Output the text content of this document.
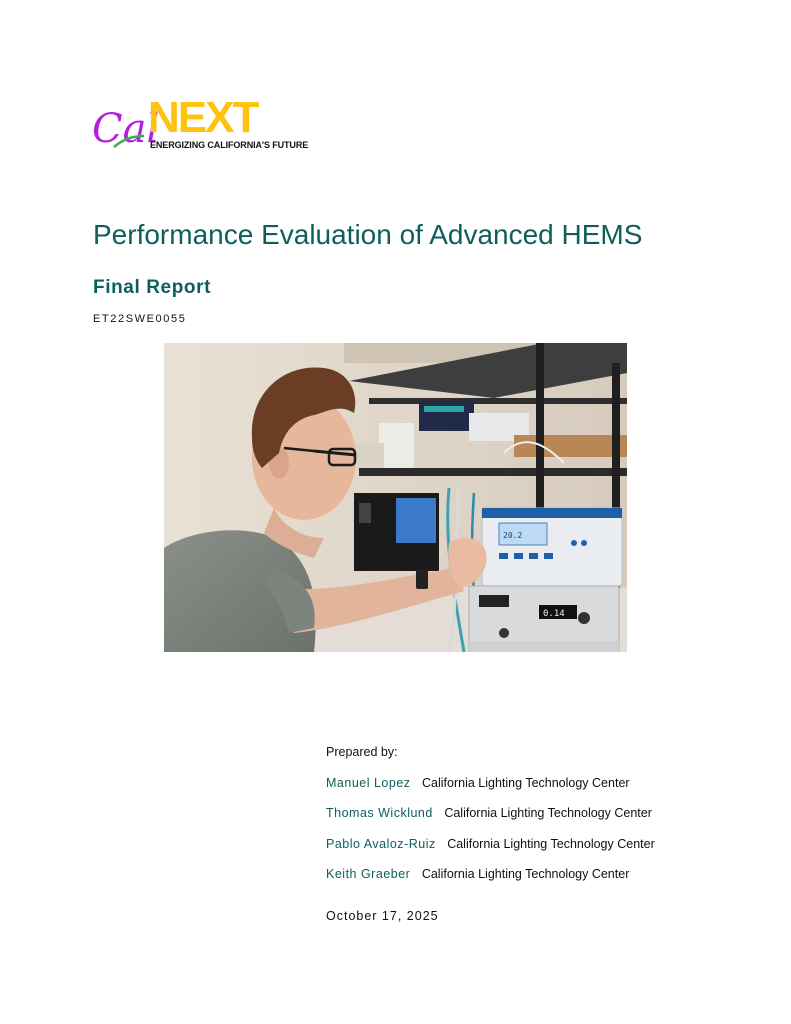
Cal
NEXT
ENERGIZING CALIFORNIA'S FUTURE
Performance Evaluation of Advanced HEMS
Final Report
ET22SWE0055
20.2
0.14
Prepared by:
Manuel Lopez California Lighting Technology Center
Thomas Wicklund California Lighting Technology Center
Pablo Avaloz-Ruiz California Lighting Technology Center
Keith Graeber California Lighting Technology Center
October 17, 2025
